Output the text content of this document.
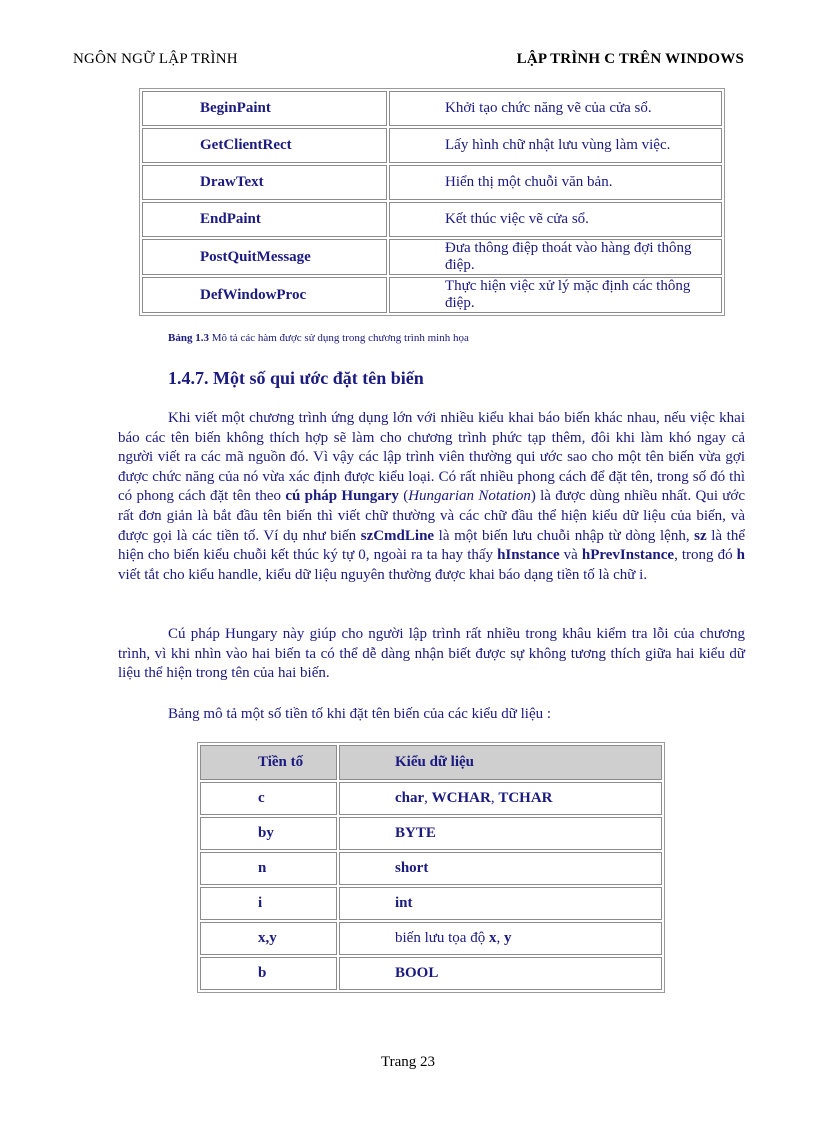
NGÔN NGỮ LẬP TRÌNH	LẬP TRÌNH C TRÊN WINDOWS
BeginPaint	Khởi tạo chức năng vẽ của cửa sổ.
GetClientRect	Lấy hình chữ nhật lưu vùng làm việc.
DrawText	Hiển thị một chuỗi văn bản.
EndPaint	Kết thúc việc vẽ cửa sổ.
PostQuitMessage	Đưa thông điệp thoát vào hàng đợi thông điệp.
DefWindowProc	Thực hiện việc xử lý mặc định các thông điệp.
Bảng 1.3 Mô tả các hàm được sử dụng trong chương trình minh họa
1.4.7. Một số qui ước đặt tên biến
Khi viết một chương trình ứng dụng lớn với nhiều kiểu khai báo biến khác nhau, nếu việc khai báo các tên biến không thích hợp sẽ làm cho chương trình phức tạp thêm, đôi khi làm khó ngay cả người viết ra các mã nguồn đó. Vì vậy các lập trình viên thường qui ước sao cho một tên biến vừa gợi được chức năng của nó vừa xác định được kiểu loại. Có rất nhiều phong cách để đặt tên, trong số đó thì có phong cách đặt tên theo cú pháp Hungary (Hungarian Notation) là được dùng nhiều nhất. Qui ước rất đơn giản là bắt đầu tên biến thì viết chữ thường và các chữ đầu thể hiện kiểu dữ liệu của biến, và được gọi là các tiền tố. Ví dụ như biến szCmdLine là một biến lưu chuỗi nhập từ dòng lệnh, sz là thể hiện cho biến kiểu chuỗi kết thúc ký tự 0, ngoài ra ta hay thấy hInstance và hPrevInstance, trong đó h viết tắt cho kiểu handle, kiểu dữ liệu nguyên thường được khai báo dạng tiền tố là chữ i.
Cú pháp Hungary này giúp cho người lập trình rất nhiều trong khâu kiểm tra lỗi của chương trình, vì khi nhìn vào hai biến ta có thể dễ dàng nhận biết được sự không tương thích giữa hai kiểu dữ liệu thể hiện trong tên của hai biến.
Bảng mô tả một số tiền tố khi đặt tên biến của các kiểu dữ liệu :
Tiền tố	Kiểu dữ liệu
c	char, WCHAR, TCHAR
by	BYTE
n	short
i	int
x,y	biến lưu tọa độ x, y
b	BOOL
Trang 23
